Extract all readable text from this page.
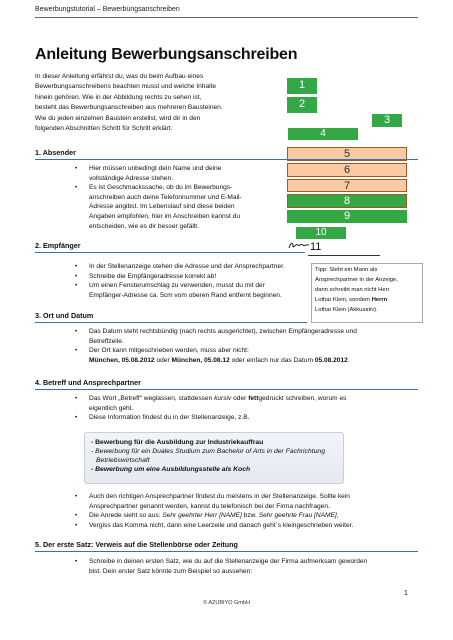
Bewerbungstutorial – Bewerbungsanschreiben
Anleitung Bewerbungsanschreiben
In dieser Anleitung erfährst du, was du beim Aufbau eines
Bewerbungsanschreibens beachten musst und welche Inhalte
hinein gehören. Wie in der Abbildung rechts zu sehen ist,
besteht das Bewerbungsanschreiben aus mehreren Bausteinen.
Wie du jeden einzelnen Baustein erstellst, wird dir in den
folgenden Abschnitten Schritt für Schritt erklärt.
1
2
3
4
5
6
7
8
9
10
11
Tipp: Steht ein Mann als
Ansprechpartner in der Anzeige,
dann schreibt man nicht Herr
Lothar Klein, sondern Herrn
Lothar Klein (Akkusativ).
1. Absender
• Hier müssen unbedingt dein Name und deine
vollständige Adresse stehen.
• Es ist Geschmackssache, ob du im Bewerbungs-
anschreiben auch deine Telefonnummer und E-Mail-
Adresse angibst. Im Lebenslauf sind diese beiden
Angaben empfohlen, hier im Anschreiben kannst du
entscheiden, wie es dir besser gefällt.
2. Empfänger
• In der Stellenanzeige stehen die Adresse und der Ansprechpartner.
• Schreibe die Empfängeradresse korrekt ab!
• Um einen Fensterumschlag zu verwenden, musst du mit der
Empfänger-Adresse ca. 5cm vom oberen Rand entfernt beginnen.
3. Ort und Datum
• Das Datum steht rechtsbündig (nach rechts ausgerichtet), zwischen Empfängeradresse und
Betreffzeile.
• Der Ort kann mitgeschrieben werden, muss aber nicht:
München, 05.08.2012 oder München, 05.08.12 oder einfach nur das Datum 05.08.2012.
4. Betreff und Ansprechpartner
• Das Wort „Betreff“ weglassen, stattdessen kursiv oder fettgedruckt schreiben, worum es
eigentlich geht.
• Diese Information findest du in der Stellenanzeige, z.B.
- Bewerbung für die Ausbildung zur Industriekauffrau
- Bewerbung für ein Duales Studium zum Bachelor of Arts in der Fachrichtung
Betriebswirtschaft
- Bewerbung um eine Ausbildungsstelle als Koch
• Auch den richtigen Ansprechpartner findest du meistens in der Stellenanzeige. Sollte kein
Ansprechpartner genannt werden, kannst du telefonisch bei der Firma nachfragen.
• Die Anrede sieht so aus: Sehr geehrter Herr [NAME] bzw. Sehr geehrte Frau [NAME],
• Vergiss das Komma nicht, dann eine Leerzeile und danach geht´s kleingeschrieben weiter.
5. Der erste Satz: Verweis auf die Stellenbörse oder Zeitung
• Schreibe in deinen ersten Satz, wie du auf die Stellenanzeige der Firma aufmerksam geworden
bist. Dein erster Satz könnte zum Beispiel so aussehen:
1
© AZUBIYO GmbH
